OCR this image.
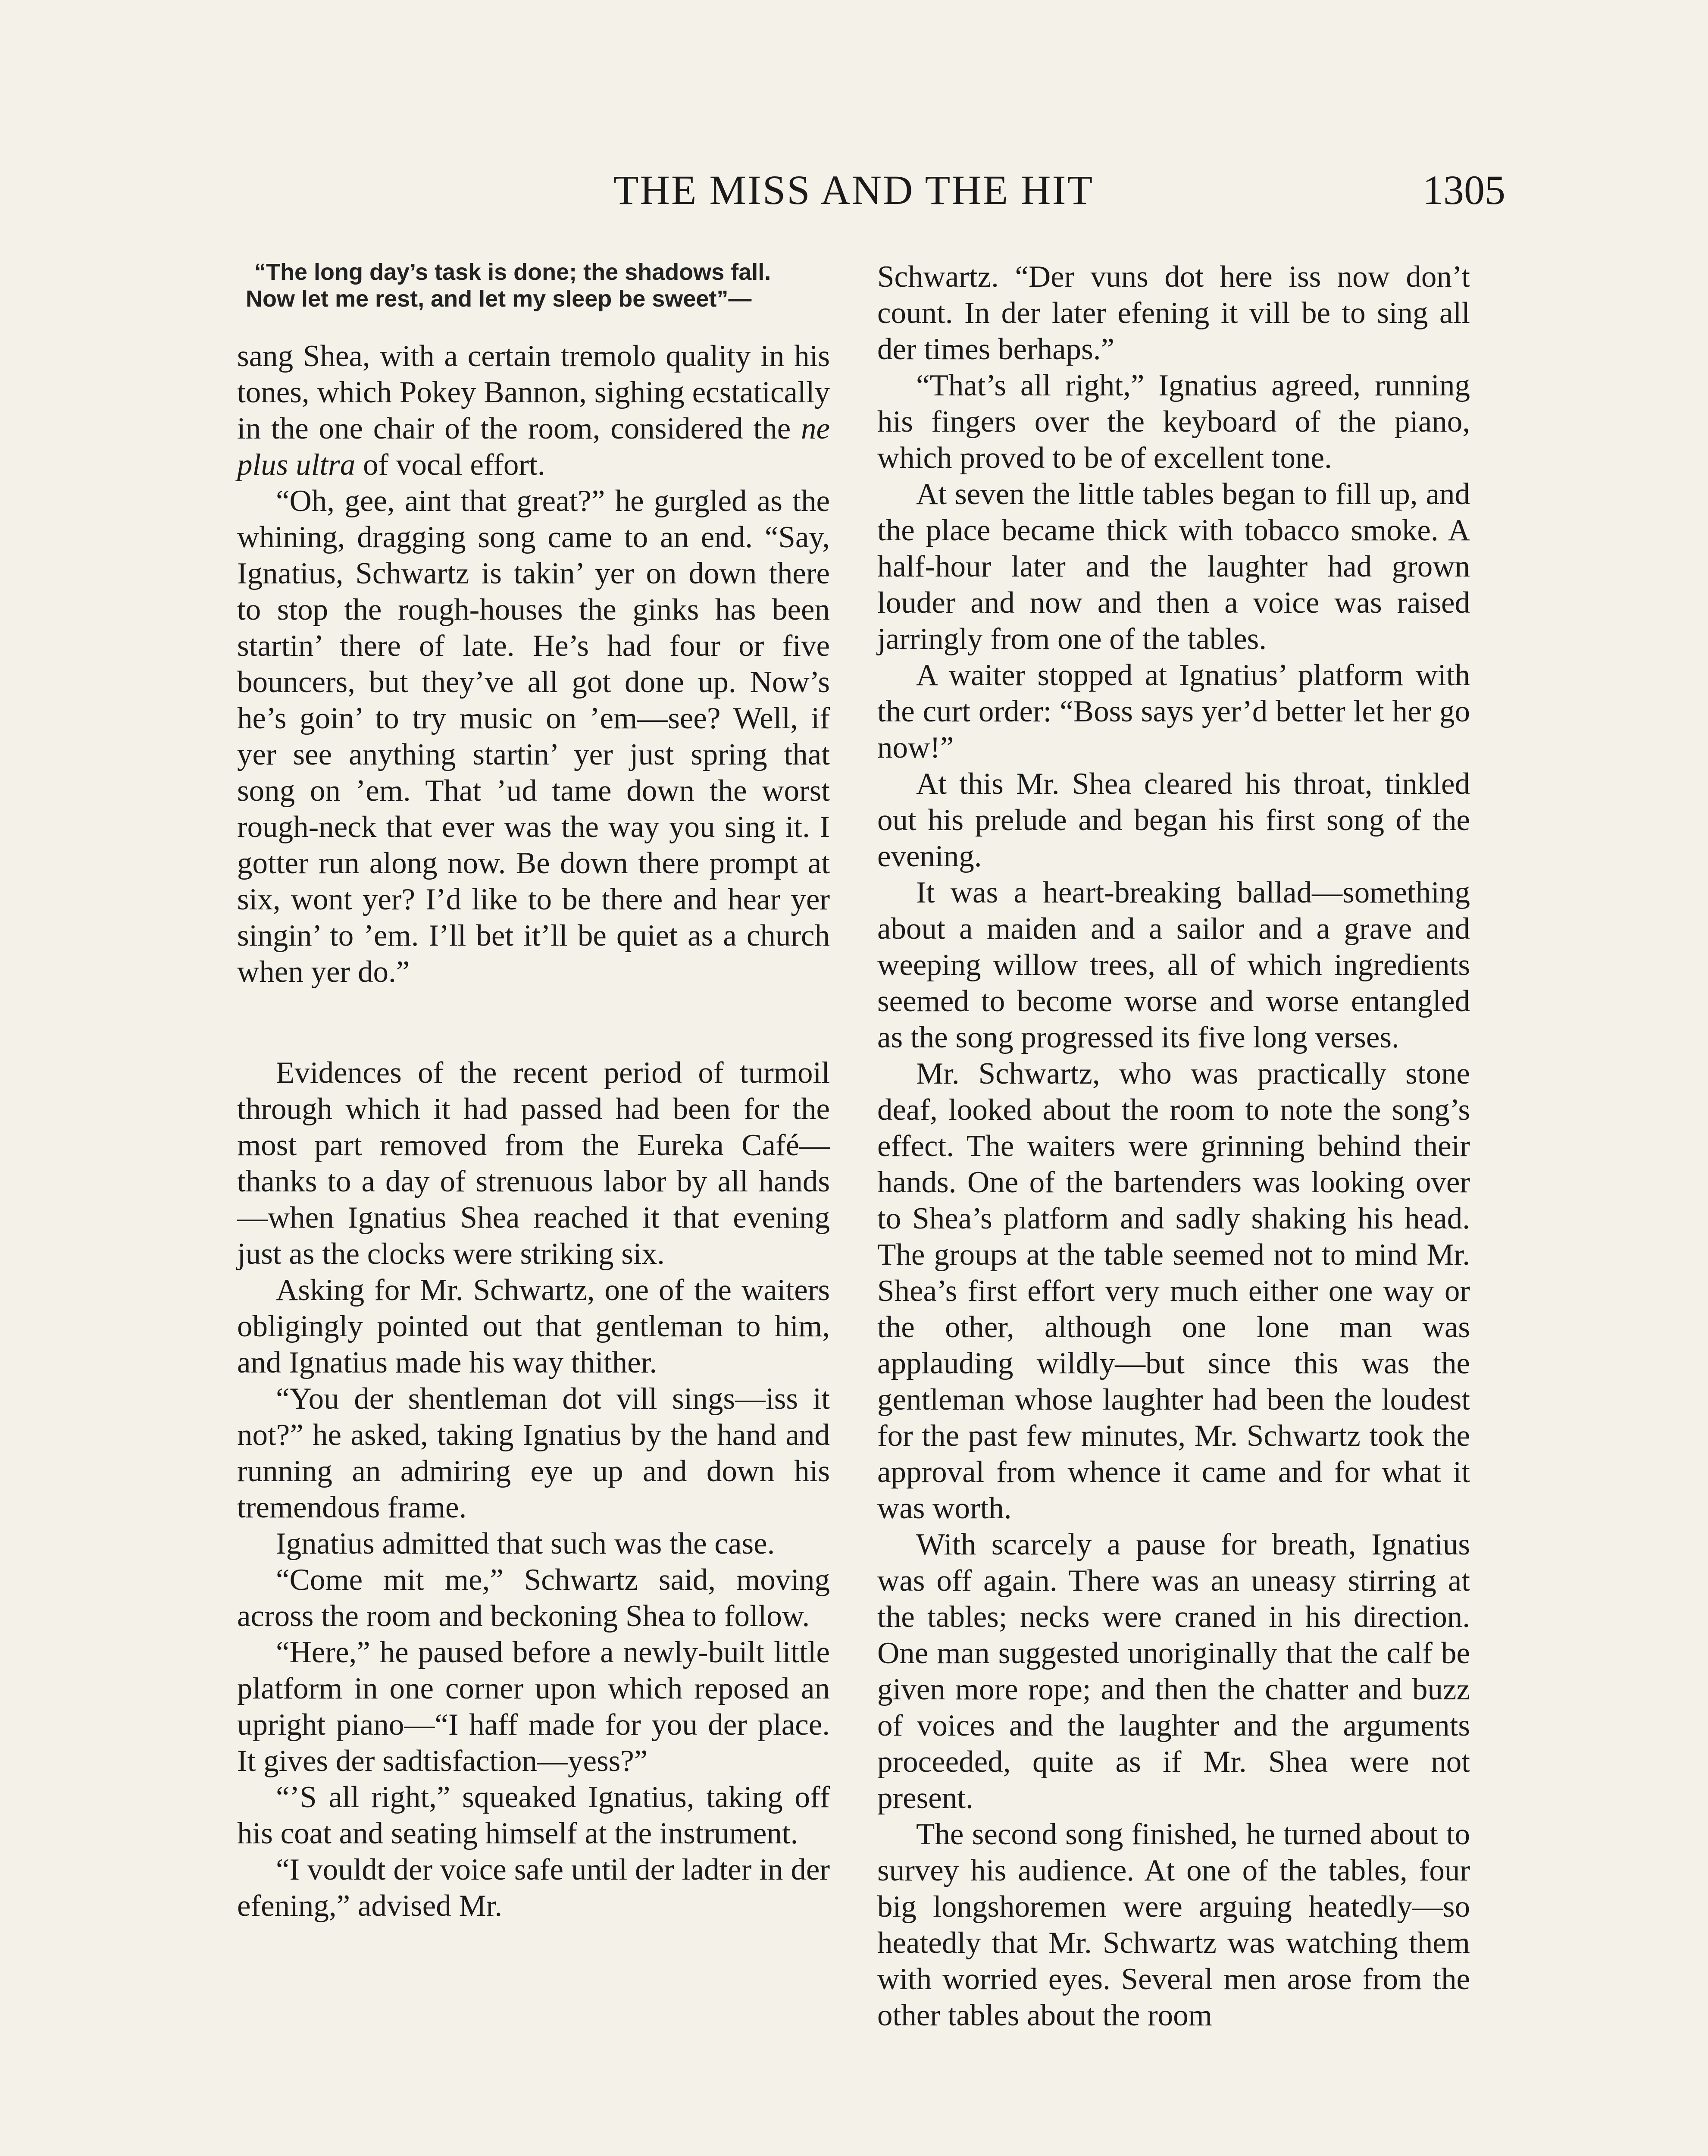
THE MISS AND THE HIT	1305
“The long day’s task is done; the shadows fall.
Now let me rest, and let my sleep be sweet”—

sang Shea, with a certain tremolo quality in his tones, which Pokey Bannon, sighing ecstatically in the one chair of the room, considered the ne plus ultra of vocal effort.

“Oh, gee, aint that great?” he gurgled as the whining, dragging song came to an end. “Say, Ignatius, Schwartz is takin’ yer on down there to stop the rough-houses the ginks has been startin’ there of late. He’s had four or five bouncers, but they’ve all got done up. Now’s he’s goin’ to try music on ’em—see? Well, if yer see anything startin’ yer just spring that song on ’em. That ’ud tame down the worst rough-neck that ever was the way you sing it. I gotter run along now. Be down there prompt at six, wont yer? I’d like to be there and hear yer singin’ to ’em. I’ll bet it’ll be quiet as a church when yer do.”

Evidences of the recent period of turmoil through which it had passed had been for the most part removed from the Eureka Café—thanks to a day of strenuous labor by all hands—when Ignatius Shea reached it that evening just as the clocks were striking six.

Asking for Mr. Schwartz, one of the waiters obligingly pointed out that gentleman to him, and Ignatius made his way thither.

“You der shentleman dot vill sings—iss it not?” he asked, taking Ignatius by the hand and running an admiring eye up and down his tremendous frame.

Ignatius admitted that such was the case.

“Come mit me,” Schwartz said, moving across the room and beckoning Shea to follow.

“Here,” he paused before a newly-built little platform in one corner upon which reposed an upright piano—“I haff made for you der place. It gives der sadtisfaction—yess?”

“’S all right,” squeaked Ignatius, taking off his coat and seating himself at the instrument.

“I vouldt der voice safe until der ladter in der efening,” advised Mr.

Schwartz. “Der vuns dot here iss now don’t count. In der later efening it vill be to sing all der times berhaps.”

“That’s all right,” Ignatius agreed, running his fingers over the keyboard of the piano, which proved to be of excellent tone.

At seven the little tables began to fill up, and the place became thick with tobacco smoke. A half-hour later and the laughter had grown louder and now and then a voice was raised jarringly from one of the tables.

A waiter stopped at Ignatius’ platform with the curt order: “Boss says yer’d better let her go now!”

At this Mr. Shea cleared his throat, tinkled out his prelude and began his first song of the evening.

It was a heart-breaking ballad—something about a maiden and a sailor and a grave and weeping willow trees, all of which ingredients seemed to become worse and worse entangled as the song progressed its five long verses.

Mr. Schwartz, who was practically stone deaf, looked about the room to note the song’s effect. The waiters were grinning behind their hands. One of the bartenders was looking over to Shea’s platform and sadly shaking his head. The groups at the table seemed not to mind Mr. Shea’s first effort very much either one way or the other, although one lone man was applauding wildly—but since this was the gentleman whose laughter had been the loudest for the past few minutes, Mr. Schwartz took the approval from whence it came and for what it was worth.

With scarcely a pause for breath, Ignatius was off again. There was an uneasy stirring at the tables; necks were craned in his direction. One man suggested unoriginally that the calf be given more rope; and then the chatter and buzz of voices and the laughter and the arguments proceeded, quite as if Mr. Shea were not present.

The second song finished, he turned about to survey his audience. At one of the tables, four big longshoremen were arguing heatedly—so heatedly that Mr. Schwartz was watching them with worried eyes. Several men arose from the other tables about the room
